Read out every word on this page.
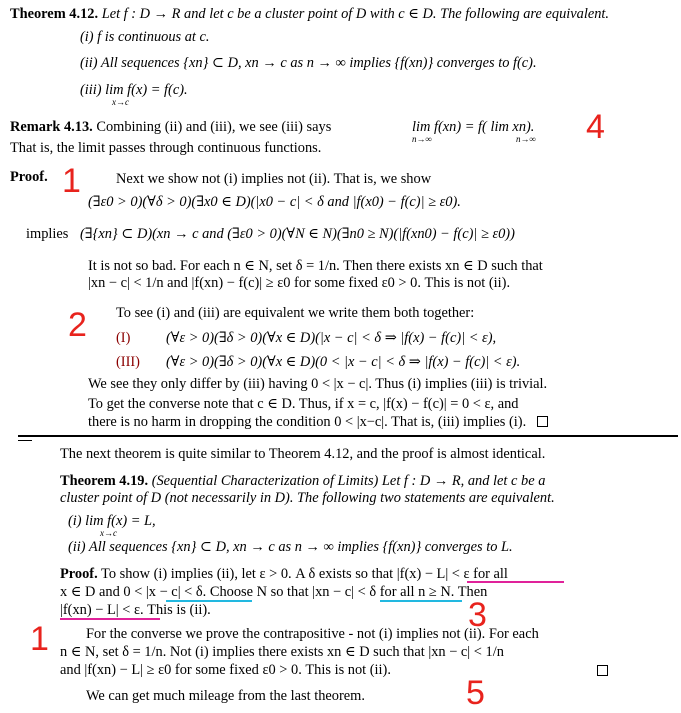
Theorem 4.12. Let f : D → R and let c be a cluster point of D with c ∈ D. The following are equivalent.
(i) f is continuous at c.
(ii) All sequences {xn} ⊂ D, xn → c as n → ∞ implies {f(xn)} converges to f(c).
(iii) lim f(x) = f(c).
x→c
Remark 4.13. Combining (ii) and (iii), we see (iii) says	lim f(xn) = f( lim xn).
n→∞	n→∞
That is, the limit passes through continuous functions.
Proof.	Next we show not (i) implies not (ii). That is, we show
(∃ε0 > 0)(∀δ > 0)(∃x0 ∈ D)(|x0 − c| < δ and |f(x0) − f(c)| ≥ ε0).
implies (∃{xn} ⊂ D)(xn → c and (∃ε0 > 0)(∀N ∈ N)(∃n0 ≥ N)(|f(xn0) − f(c)| ≥ ε0))
It is not so bad. For each n ∈ N, set δ = 1/n. Then there exists xn ∈ D such that
|xn − c| < 1/n and |f(xn) − f(c)| ≥ ε0 for some fixed ε0 > 0. This is not (ii).
To see (i) and (iii) are equivalent we write them both together:
(I) (∀ε > 0)(∃δ > 0)(∀x ∈ D)(|x − c| < δ ⇒ |f(x) − f(c)| < ε),
(III) (∀ε > 0)(∃δ > 0)(∀x ∈ D)(0 < |x − c| < δ ⇒ |f(x) − f(c)| < ε).
We see they only differ by (iii) having 0 < |x − c|. Thus (i) implies (iii) is trivial.
To get the converse note that c ∈ D. Thus, if x = c, |f(x) − f(c)| = 0 < ε, and
there is no harm in dropping the condition 0 < |x−c|. That is, (iii) implies (i).
The next theorem is quite similar to Theorem 4.12, and the proof is almost identical.
Theorem 4.19. (Sequential Characterization of Limits) Let f : D → R, and let c be a
cluster point of D (not necessarily in D). The following two statements are equivalent.
(i) lim f(x) = L,
x→c
(ii) All sequences {xn} ⊂ D, xn → c as n → ∞ implies {f(xn)} converges to L.
Proof. To show (i) implies (ii), let ε > 0. A δ exists so that |f(x) − L| < ε for all
x ∈ D and 0 < |x − c| < δ. Choose N so that |xn − c| < δ for all n ≥ N. Then
|f(xn) − L| < ε. This is (ii).
For the converse we prove the contrapositive - not (i) implies not (ii). For each
n ∈ N, set δ = 1/n. Not (i) implies there exists xn ∈ D such that |xn − c| < 1/n
and |f(xn) − L| ≥ ε0 for some fixed ε0 > 0. This is not (ii).
We can get much mileage from the last theorem.
4
1
2
3
1
5
